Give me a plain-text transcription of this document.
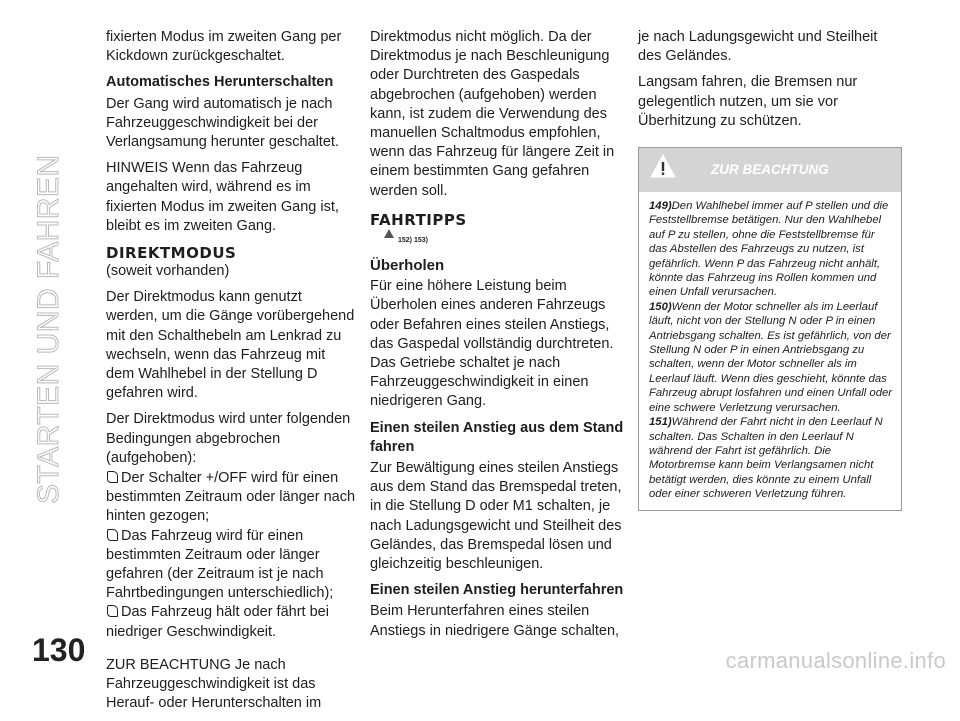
STARTEN UND FAHREN

fixierten Modus im zweiten Gang per Kickdown zurückgeschaltet.

Automatisches Herunterschalten

Der Gang wird automatisch je nach Fahrzeuggeschwindigkeit bei der Verlangsamung herunter geschaltet.

HINWEIS Wenn das Fahrzeug angehalten wird, während es im fixierten Modus im zweiten Gang ist, bleibt es im zweiten Gang.

DIREKTMODUS

(soweit vorhanden)

Der Direktmodus kann genutzt werden, um die Gänge vorübergehend mit den Schalthebeln am Lenkrad zu wechseln, wenn das Fahrzeug mit dem Wahlhebel in der Stellung D gefahren wird.

Der Direktmodus wird unter folgenden Bedingungen abgebrochen (aufgehoben):

Der Schalter +/OFF wird für einen bestimmten Zeitraum oder länger nach hinten gezogen;

Das Fahrzeug wird für einen bestimmten Zeitraum oder länger gefahren (der Zeitraum ist je nach Fahrtbedingungen unterschiedlich);

Das Fahrzeug hält oder fährt bei niedriger Geschwindigkeit.

ZUR BEACHTUNG Je nach Fahrzeuggeschwindigkeit ist das Herauf- oder Herunterschalten im

Direktmodus nicht möglich. Da der Direktmodus je nach Beschleunigung oder Durchtreten des Gaspedals abgebrochen (aufgehoben) werden kann, ist zudem die Verwendung des manuellen Schaltmodus empfohlen, wenn das Fahrzeug für längere Zeit in einem bestimmten Gang gefahren werden soll.

FAHRTIPPS
152) 153)

Überholen

Für eine höhere Leistung beim Überholen eines anderen Fahrzeugs oder Befahren eines steilen Anstiegs, das Gaspedal vollständig durchtreten. Das Getriebe schaltet je nach Fahrzeuggeschwindigkeit in einen niedrigeren Gang.

Einen steilen Anstieg aus dem Stand fahren

Zur Bewältigung eines steilen Anstiegs aus dem Stand das Bremspedal treten, in die Stellung D oder M1 schalten, je nach Ladungsgewicht und Steilheit des Geländes, das Bremspedal lösen und gleichzeitig beschleunigen.

Einen steilen Anstieg herunterfahren

Beim Herunterfahren eines steilen Anstiegs in niedrigere Gänge schalten,

je nach Ladungsgewicht und Steilheit des Geländes.

Langsam fahren, die Bremsen nur gelegentlich nutzen, um sie vor Überhitzung zu schützen.

ZUR BEACHTUNG

149)Den Wahlhebel immer auf P stellen und die Feststellbremse betätigen. Nur den Wahlhebel auf P zu stellen, ohne die Feststellbremse für das Abstellen des Fahrzeugs zu nutzen, ist gefährlich. Wenn P das Fahrzeug nicht anhält, könnte das Fahrzeug ins Rollen kommen und einen Unfall verursachen.

150)Wenn der Motor schneller als im Leerlauf läuft, nicht von der Stellung N oder P in einen Antriebsgang schalten. Es ist gefährlich, von der Stellung N oder P in einen Antriebsgang zu schalten, wenn der Motor schneller als im Leerlauf läuft. Wenn dies geschieht, könnte das Fahrzeug abrupt losfahren und einen Unfall oder eine schwere Verletzung verursachen.

151)Während der Fahrt nicht in den Leerlauf N schalten. Das Schalten in den Leerlauf N während der Fahrt ist gefährlich. Die Motorbremse kann beim Verlangsamen nicht betätigt werden, dies könnte zu einem Unfall oder einer schweren Verletzung führen.

130	carmanualsonline.info
